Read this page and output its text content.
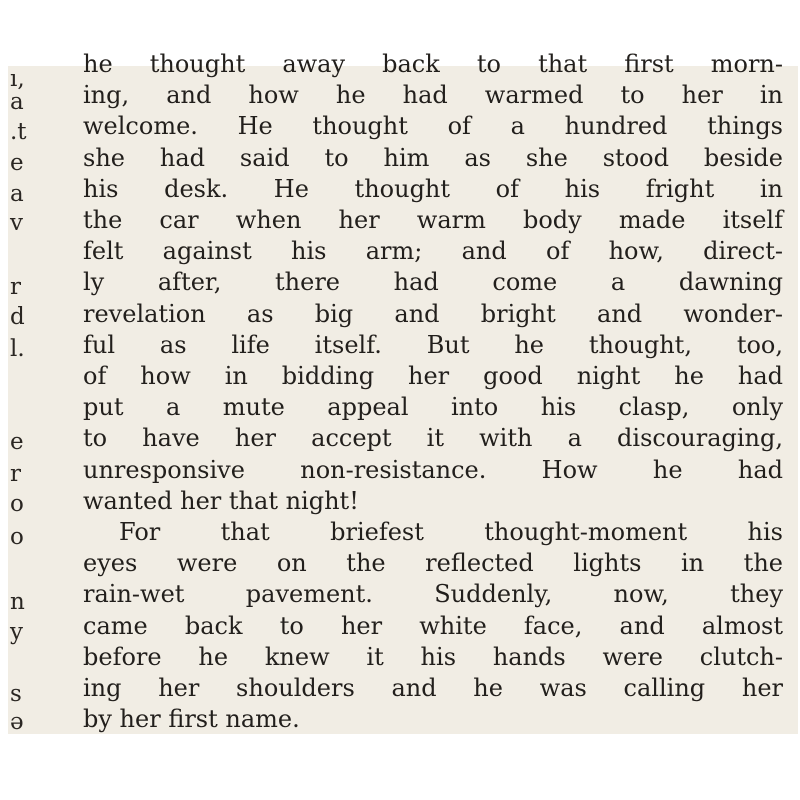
ı,
a
.t
e
a
v
r
d
l.
e
r
o
o
n
y
s
ə
he thought away back to that first morn-
ing, and how he had warmed to her in
welcome. He thought of a hundred things
she had said to him as she stood beside
his desk. He thought of his fright in
the car when her warm body made itself
felt against his arm; and of how, direct-
ly after, there had come a dawning
revelation as big and bright and wonder-
ful as life itself. But he thought, too,
of how in bidding her good night he had
put a mute appeal into his clasp, only
to have her accept it with a discouraging,
unresponsive non-resistance. How he had
wanted her that night!
For that briefest thought-moment his
eyes were on the reflected lights in the
rain-wet pavement. Suddenly, now, they
came back to her white face, and almost
before he knew it his hands were clutch-
ing her shoulders and he was calling her
by her first name.
